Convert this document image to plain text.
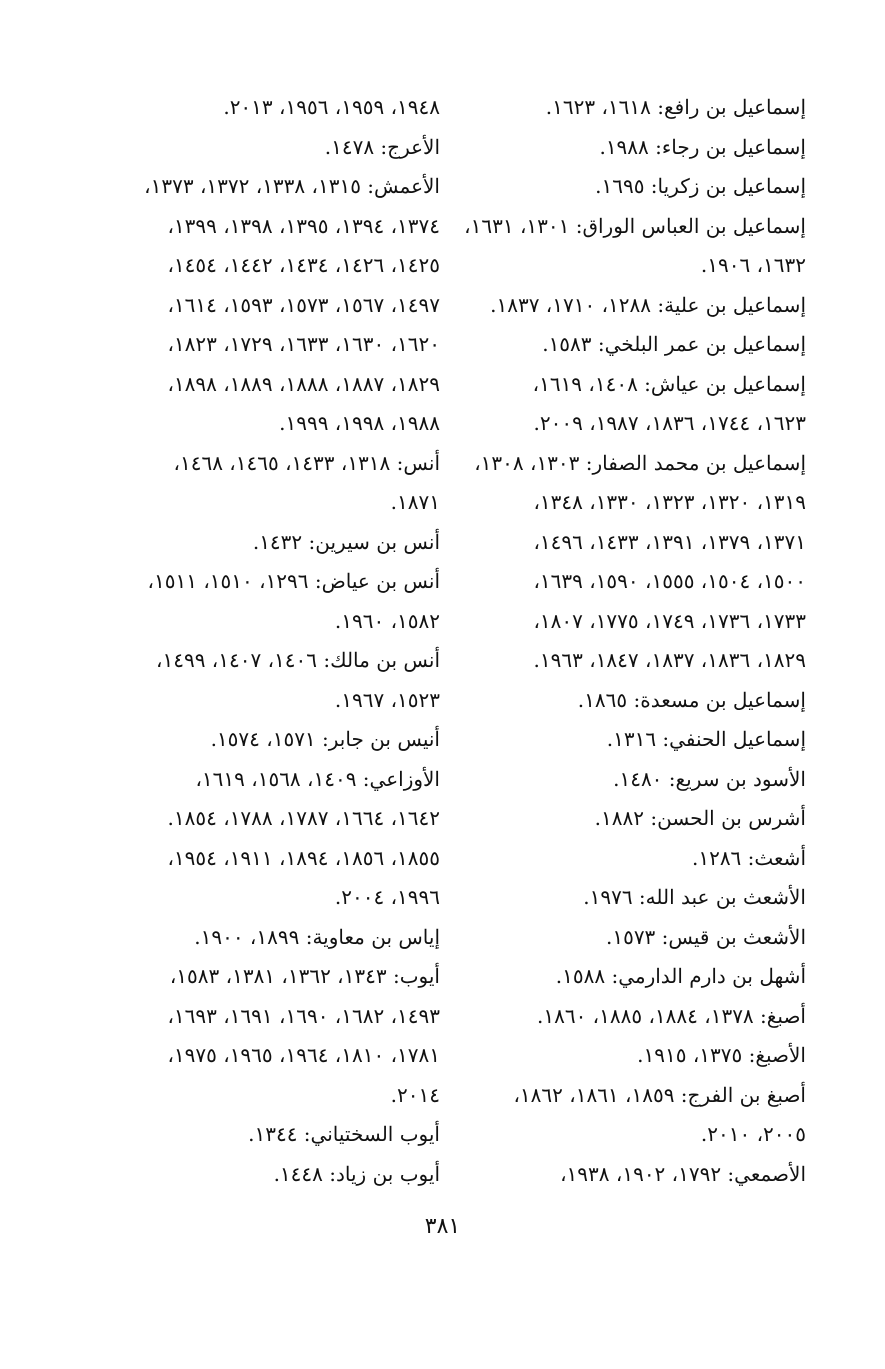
إسماعيل بن رافع: ١٦١٨، ١٦٢٣.
إسماعيل بن رجاء: ١٩٨٨.
إسماعيل بن زكريا: ١٦٩٥.
إسماعيل بن العباس الوراق: ١٣٠١، ١٦٣١،
١٦٣٢، ١٩٠٦.
إسماعيل بن علية: ١٢٨٨، ١٧١٠، ١٨٣٧.
إسماعيل بن عمر البلخي: ١٥٨٣.
إسماعيل بن عياش: ١٤٠٨، ١٦١٩،
١٦٢٣، ١٧٤٤، ١٨٣٦، ١٩٨٧، ٢٠٠٩.
إسماعيل بن محمد الصفار: ١٣٠٣، ١٣٠٨،
١٣١٩، ١٣٢٠، ١٣٢٣، ١٣٣٠، ١٣٤٨،
١٣٧١، ١٣٧٩، ١٣٩١، ١٤٣٣، ١٤٩٦،
١٥٠٠، ١٥٠٤، ١٥٥٥، ١٥٩٠، ١٦٣٩،
١٧٣٣، ١٧٣٦، ١٧٤٩، ١٧٧٥، ١٨٠٧،
١٨٢٩، ١٨٣٦، ١٨٣٧، ١٨٤٧، ١٩٦٣.
إسماعيل بن مسعدة: ١٨٦٥.
إسماعيل الحنفي: ١٣١٦.
الأسود بن سريع: ١٤٨٠.
أشرس بن الحسن: ١٨٨٢.
أشعث: ١٢٨٦.
الأشعث بن عبد الله: ١٩٧٦.
الأشعث بن قيس: ١٥٧٣.
أشهل بن دارم الدارمي: ١٥٨٨.
أصبغ: ١٣٧٨، ١٨٨٤، ١٨٨٥، ١٨٦٠.
الأصبغ: ١٣٧٥، ١٩١٥.
أصبغ بن الفرج: ١٨٥٩، ١٨٦١، ١٨٦٢،
٢٠٠٥، ٢٠١٠.
الأصمعي: ١٧٩٢، ١٩٠٢، ١٩٣٨،
١٩٤٨، ١٩٥٩، ١٩٥٦، ٢٠١٣.
الأعرج: ١٤٧٨.
الأعمش: ١٣١٥، ١٣٣٨، ١٣٧٢، ١٣٧٣،
١٣٧٤، ١٣٩٤، ١٣٩٥، ١٣٩٨، ١٣٩٩،
١٤٢٥، ١٤٢٦، ١٤٣٤، ١٤٤٢، ١٤٥٤،
١٤٩٧، ١٥٦٧، ١٥٧٣، ١٥٩٣، ١٦١٤،
١٦٢٠، ١٦٣٠، ١٦٣٣، ١٧٢٩، ١٨٢٣،
١٨٢٩، ١٨٨٧، ١٨٨٨، ١٨٨٩، ١٨٩٨،
١٩٨٨، ١٩٩٨، ١٩٩٩.
أنس: ١٣١٨، ١٤٣٣، ١٤٦٥، ١٤٦٨،
١٨٧١.
أنس بن سيرين: ١٤٣٢.
أنس بن عياض: ١٢٩٦، ١٥١٠، ١٥١١،
١٥٨٢، ١٩٦٠.
أنس بن مالك: ١٤٠٦، ١٤٠٧، ١٤٩٩،
١٥٢٣، ١٩٦٧.
أنيس بن جابر: ١٥٧١، ١٥٧٤.
الأوزاعي: ١٤٠٩، ١٥٦٨، ١٦١٩،
١٦٤٢، ١٦٦٤، ١٧٨٧، ١٧٨٨، ١٨٥٤.
١٨٥٥، ١٨٥٦، ١٨٩٤، ١٩١١، ١٩٥٤،
١٩٩٦، ٢٠٠٤.
إياس بن معاوية: ١٨٩٩، ١٩٠٠.
أيوب: ١٣٤٣، ١٣٦٢، ١٣٨١، ١٥٨٣،
١٤٩٣، ١٦٨٢، ١٦٩٠، ١٦٩١، ١٦٩٣،
١٧٨١، ١٨١٠، ١٩٦٤، ١٩٦٥، ١٩٧٥،
٢٠١٤.
أيوب السختياني: ١٣٤٤.
أيوب بن زياد: ١٤٤٨.
٣٨١
